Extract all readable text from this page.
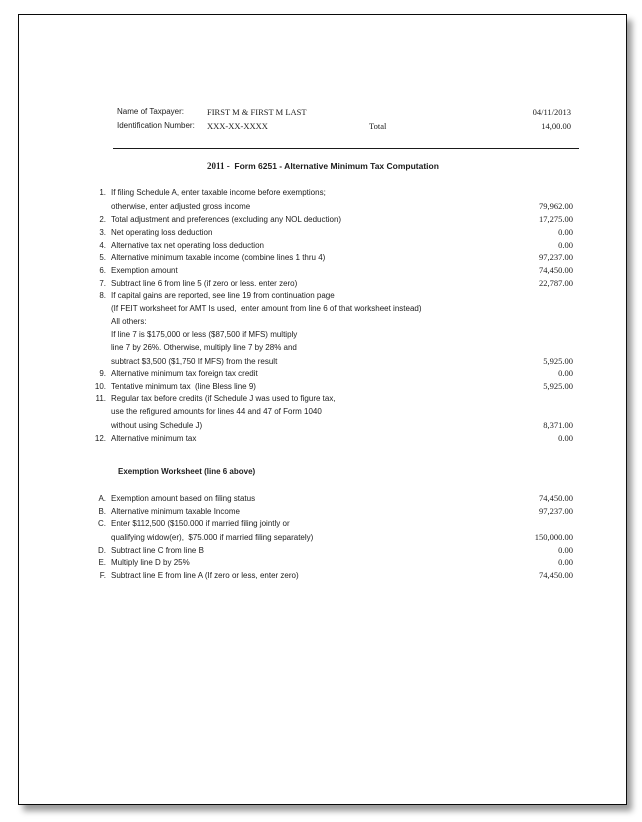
Name of Taxpayer:	FIRST M & FIRST M LAST	04/11/2013
Identification Number: XXX-XX-XXXX	Total	14,00.00
2011 -  Form 6251 - Alternative Minimum Tax Computation
1. If filing Schedule A, enter taxable income before exemptions;
otherwise, enter adjusted gross income	79,962.00
2. Total adjustment and preferences (excluding any NOL deduction)	17,275.00
3. Net operating loss deduction	0.00
4. Alternative tax net operating loss deduction	0.00
5. Alternative minimum taxable income (combine lines 1 thru 4)	97,237.00
6. Exemption amount	74,450.00
7. Subtract line 6 from line 5 (if zero or less. enter zero)	22,787.00
8. If capital gains are reported, see line 19 from continuation page
(If FEIT worksheet for AMT Is used,  enter amount from line 6 of that worksheet instead)
All others:
If line 7 is $175,000 or less ($87,500 if MFS) multiply
line 7 by 26%. Otherwise, multiply line 7 by 28% and
subtract $3,500 ($1,750 If MFS) from the result	5,925.00
9. Alternative minimum tax foreign tax credit	0.00
10. Tentative minimum tax  (line Bless line 9)	5,925.00
11. Regular tax before credits (if Schedule J was used to figure tax,
use the refigured amounts for lines 44 and 47 of Form 1040
without using Schedule J)	8,371.00
12. Alternative minimum tax	0.00
Exemption Worksheet (line 6 above)
A. Exemption amount based on filing status	74,450.00
B. Alternative minimum taxable Income	97,237.00
C. Enter $112,500 ($150.000 if married filing jointly or
qualifying widow(er),  $75.000 if married filing separately)	150,000.00
D. Subtract line C from line B	0.00
E. Multiply line D by 25%	0.00
F. Subtract line E from line A (If zero or less, enter zero)	74,450.00
